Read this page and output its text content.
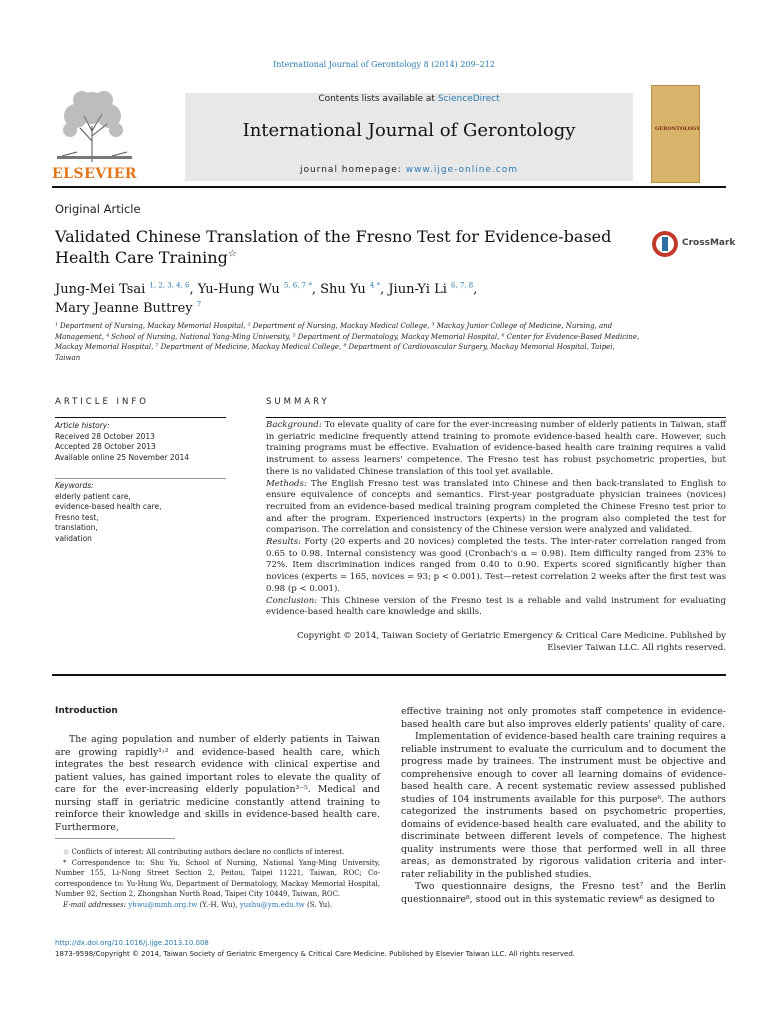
International Journal of Gerontology 8 (2014) 209–212
ELSEVIER
Contents lists available at ScienceDirect
International Journal of Gerontology
journal homepage: www.ijge-online.com
GERONTOLOGY
Original Article
Validated Chinese Translation of the Fresno Test for Evidence-based
Health Care Training☆
CrossMark
Jung-Mei Tsai $^{1, 2, 3, 4, 6}$, Yu-Hung Wu $^{5, 6, 7 *}$, Shu Yu $^{4 *}$, Jiun-Yi Li $^{6, 7, 8}$,
Mary Jeanne Buttrey $^7$
¹ Department of Nursing, Mackay Memorial Hospital, ² Department of Nursing, Mackay Medical College, ³ Mackay Junior College of Medicine, Nursing, and Management, ⁴ School of Nursing, National Yang-Ming University, ⁵ Department of Dermatology, Mackay Memorial Hospital, ⁶ Center for Evidence-Based Medicine, Mackay Memorial Hospital, ⁷ Department of Medicine, Mackay Medical College, ⁸ Department of Cardiovascular Surgery, Mackay Memorial Hospital, Taipei, Taiwan
ARTICLE INFO	SUMMARY
Article history:
Received 28 October 2013
Accepted 28 October 2013
Available online 25 November 2014
Keywords:
elderly patient care,
evidence-based health care,
Fresno test,
translation,
validation
Background: To elevate quality of care for the ever-increasing number of elderly patients in Taiwan, staff in geriatric medicine frequently attend training to promote evidence-based health care. However, such training programs must be effective. Evaluation of evidence-based health care training requires a valid instrument to assess learners' competence. The Fresno test has robust psychometric properties, but there is no validated Chinese translation of this tool yet available.
Methods: The English Fresno test was translated into Chinese and then back-translated to English to ensure equivalence of concepts and semantics. First-year postgraduate physician trainees (novices) recruited from an evidence-based medical training program completed the Chinese Fresno test prior to and after the program. Experienced instructors (experts) in the program also completed the test for comparison. The correlation and consistency of the Chinese version were analyzed and validated.
Results: Forty (20 experts and 20 novices) completed the tests. The inter-rater correlation ranged from 0.65 to 0.98. Internal consistency was good (Cronbach's α = 0.98). Item difficulty ranged from 23% to 72%. Item discrimination indices ranged from 0.40 to 0.90. Experts scored significantly higher than novices (experts = 165, novices = 93; p < 0.001). Test—retest correlation 2 weeks after the first test was 0.98 (p < 0.001).
Conclusion: This Chinese version of the Fresno test is a reliable and valid instrument for evaluating evidence-based health care knowledge and skills.
Copyright © 2014, Taiwan Society of Geriatric Emergency & Critical Care Medicine. Published by Elsevier Taiwan LLC. All rights reserved.
Introduction

The aging population and number of elderly patients in Taiwan are growing rapidly¹˒² and evidence-based health care, which integrates the best research evidence with clinical expertise and patient values, has gained important roles to elevate the quality of care for the ever-increasing elderly population³⁻⁵. Medical and nursing staff in geriatric medicine constantly attend training to reinforce their knowledge and skills in evidence-based health care. Furthermore,

effective training not only promotes staff competence in evidence-based health care but also improves elderly patients' quality of care.

Implementation of evidence-based health care training requires a reliable instrument to evaluate the curriculum and to document the progress made by trainees. The instrument must be objective and comprehensive enough to cover all learning domains of evidence-based health care. A recent systematic review assessed published studies of 104 instruments available for this purpose⁶. The authors categorized the instruments based on psychometric properties, domains of evidence-based health care evaluated, and the ability to discriminate between different levels of competence. The highest quality instruments were those that performed well in all three areas, as demonstrated by rigorous validation criteria and inter-rater reliability in the published studies.

Two questionnaire designs, the Fresno test⁷ and the Berlin questionnaire⁸, stood out in this systematic review⁶ as designed to

☆ Conflicts of interest: All contributing authors declare no conflicts of interest.

* Correspondence to: Shu Yu, School of Nursing, National Yang-Ming University, Number 155, Li-Nong Street Section 2, Peitou, Taipei 11221, Taiwan, ROC; Co-correspondence to: Yu-Hung Wu, Department of Dermatology, Mackay Memorial Hospital, Number 92, Section 2, Zhongshan North Road, Taipei City 10449, Taiwan, ROC.

E-mail addresses: yhwu@mmh.org.tw (Y.-H. Wu), yushu@ym.edu.tw (S. Yu).

http://dx.doi.org/10.1016/j.ijge.2013.10.008
1873-9598/Copyright © 2014, Taiwan Society of Geriatric Emergency & Critical Care Medicine. Published by Elsevier Taiwan LLC. All rights reserved.
